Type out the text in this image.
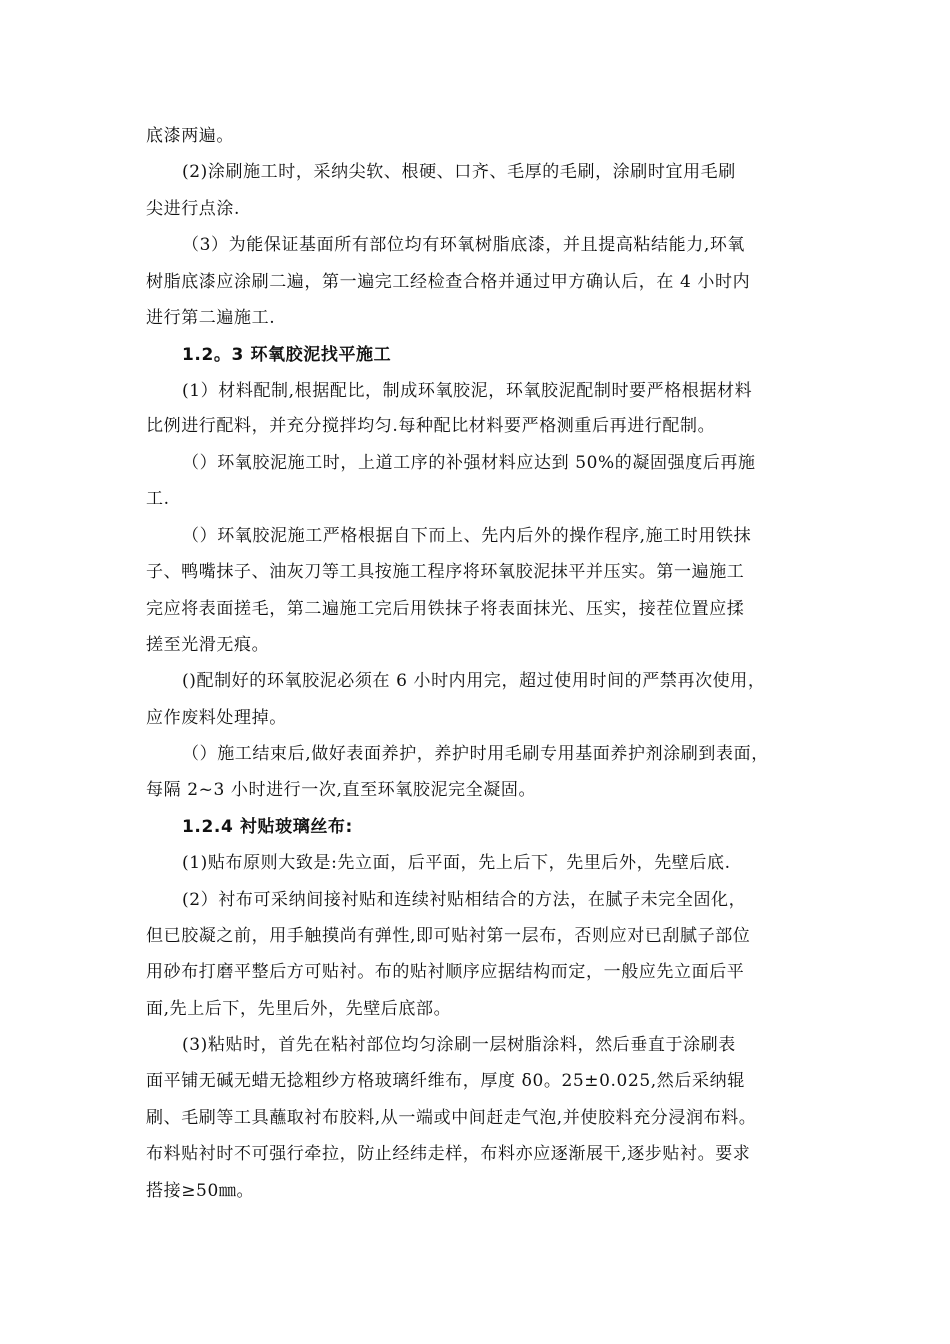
底漆两遍。
(2)涂刷施工时，采纳尖软、根硬、口齐、毛厚的毛刷，涂刷时宜用毛刷
尖进行点涂.
（3）为能保证基面所有部位均有环氧树脂底漆，并且提高粘结能力,环氧
树脂底漆应涂刷二遍，第一遍完工经检查合格并通过甲方确认后，在 4 小时内
进行第二遍施工.
1.2。3 环氧胶泥找平施工
(1）材料配制,根据配比，制成环氧胶泥，环氧胶泥配制时要严格根据材料
比例进行配料，并充分搅拌均匀.每种配比材料要严格测重后再进行配制。
（）环氧胶泥施工时，上道工序的补强材料应达到 50%的凝固强度后再施
工.
（）环氧胶泥施工严格根据自下而上、先内后外的操作程序,施工时用铁抹
子、鸭嘴抹子、油灰刀等工具按施工程序将环氧胶泥抹平并压实。第一遍施工
完应将表面搓毛，第二遍施工完后用铁抹子将表面抹光、压实，接茬位置应揉
搓至光滑无痕。
()配制好的环氧胶泥必须在 6 小时内用完，超过使用时间的严禁再次使用，
应作废料处理掉。
（）施工结束后,做好表面养护，养护时用毛刷专用基面养护剂涂刷到表面，
每隔 2~3 小时进行一次,直至环氧胶泥完全凝固。
1.2.4 衬贴玻璃丝布:
(1)贴布原则大致是:先立面，后平面，先上后下，先里后外，先壁后底.
(2）衬布可采纳间接衬贴和连续衬贴相结合的方法，在腻子未完全固化，
但已胶凝之前，用手触摸尚有弹性,即可贴衬第一层布，否则应对已刮腻子部位
用砂布打磨平整后方可贴衬。布的贴衬顺序应据结构而定，一般应先立面后平
面,先上后下，先里后外，先壁后底部。
(3)粘贴时，首先在粘衬部位均匀涂刷一层树脂涂料，然后垂直于涂刷表
面平铺无碱无蜡无捻粗纱方格玻璃纤维布，厚度 δ0。25±0.025,然后采纳辊
刷、毛刷等工具蘸取衬布胶料,从一端或中间赶走气泡,并使胶料充分浸润布料。
布料贴衬时不可强行牵拉，防止经纬走样，布料亦应逐渐展干,逐步贴衬。要求
搭接≥50㎜。
